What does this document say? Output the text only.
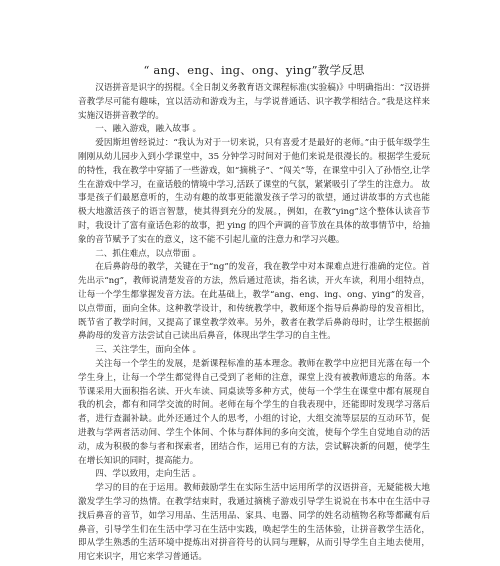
“ ang、eng、ing、ong、ying”教学反思

汉语拼音是识字的拐棍。《全日制义务教育语文课程标准(实验稿)》中明确指出：“汉语拼音教学尽可能有趣味，宜以活动和游戏为主，与学说普通话、识字教学相结合。”我是这样来实施汉语拼音教学的。

一、融入游戏，融入故事 。

爱因斯坦曾经说过：“我认为对于一切来说，只有喜爱才是最好的老师。”由于低年级学生刚刚从幼儿园步入到小学课堂中，35 分钟学习时间对于他们来说是很漫长的。根据学生爱玩的特性，我在教学中穿插了一些游戏，如“摘桃子”、“闯关”等，在课堂中引入了孙悟空,让学生在游戏中学习，在童话般的情境中学习,活跃了课堂的气氛，紧紧吸引了学生的注意力。 故事是孩子们最愿意听的，生动有趣的故事更能激发孩子学习的欲望，通过讲故事的方式也能极大地激活孩子的语言智慧，使其得到充分的发展。，例如，在教“ying”这个整体认读音节时，我设计了富有童话色彩的故事，把 ying 的四个声调的音节放在具体的故事情节中，给抽象的音节赋予了实在的意义，这不能不引起儿童的注意力和学习兴趣。

二、抓住难点，以点带面 。

在后鼻韵母的教学，关键在于“ng”的发音，我在教学中对本课难点进行准确的定位。首先出示“ng”，教师说清楚发音的方法，然后通过范读，指名读，开火车读，利用小组特点，让每一个学生都掌握发音方法。在此基础上，教学“ang、eng、ing、ong、ying”的发音，以点带面，面向全体。这种教学设计，和传统教学中，教师逐个指导后鼻韵母的发音相比，既节省了教学时间，又提高了课堂教学效率。另外，教者在教学后鼻韵母时，让学生根据前鼻韵母的发音方法尝试自己读出后鼻音，体现出学生学习的自主性。

三、关注学生，面向全体 。

关注每一个学生的发展，是新课程标准的基本理念。教师在教学中应把目光落在每一个学生身上，让每一个学生都觉得自己受到了老师的注意，课堂上没有被教师遗忘的角落。本节课采用大面积指名读、开火车读、同桌读等多种方式，使每一个学生在课堂中都有展现自我的机会，都有和同学交流的时间。老师在每个学生的自我表现中，还能即时发现学习落后者，进行查漏补缺。此外还通过个人的思考，小组的讨论，大组交流等层层的互动环节，促进教与学两者活动间、学生个体间、个体与群体间的多向交流，使每个学生自觉地自动的活动，成为积极的参与者和探索者，团结合作，运用已有的方法，尝试解决新的问题，使学生在增长知识的同时，提高能力。

四、学以致用，走向生活 。

学习的目的在于运用。教师鼓励学生在实际生活中运用所学的汉语拼音，无疑能极大地激发学生学习的热情。在教学结束时，我通过摘桃子游戏引导学生说说在书本中在生活中寻找后鼻音的音节，如学习用品、生活用品、家具、电器、同学的姓名动植物名称等都藏有后鼻音，引导学生们在生活中学习在生活中实践，唤起学生的生活体验，让拼音教学生活化，即从学生熟悉的生活环境中提炼出对拼音符号的认同与理解，从而引导学生自主地去使用，用它来识字，用它来学习普通话。
